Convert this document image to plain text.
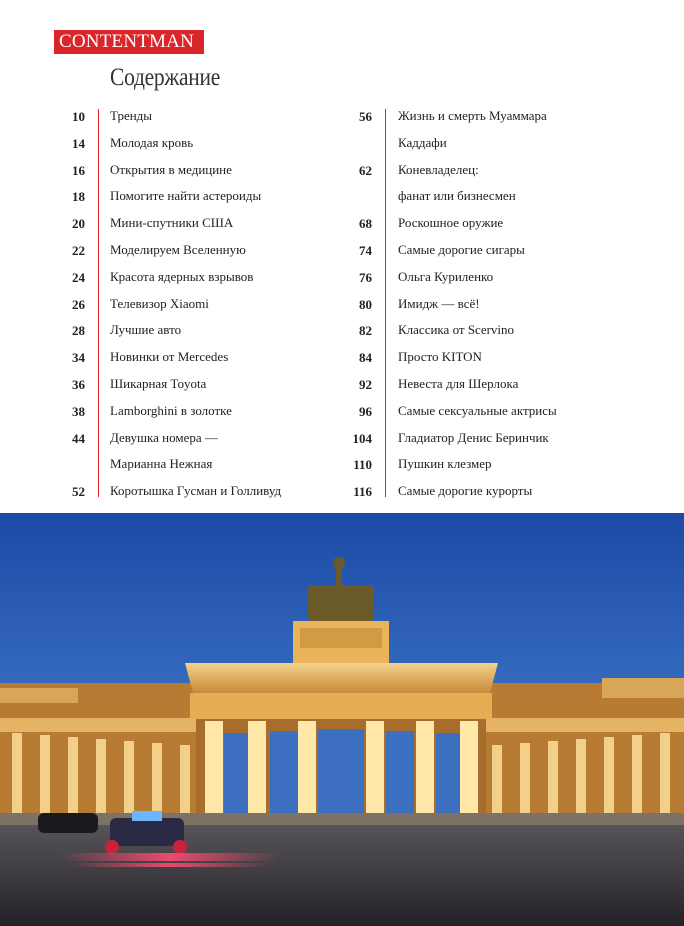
CONTENTMAN
Содержание
10 Тренды
14 Молодая кровь
16 Открытия в медицине
18 Помогите найти астероиды
20 Мини-спутники США
22 Моделируем Вселенную
24 Красота ядерных взрывов
26 Телевизор Xiaomi
28 Лучшие авто
34 Новинки от Mercedes
36 Шикарная Toyota
38 Lamborghini в золотке
44 Девушка номера —
Марианна Нежная
52 Коротышка Гусман и Голливуд
56 Жизнь и смерть Муаммара
Каддафи
62 Коневладелец:
фанат или бизнесмен
68 Роскошное оружие
74 Самые дорогие сигары
76 Ольга Куриленко
80 Имидж — всё!
82 Классика от Scervino
84 Просто KITON
92 Невеста для Шерлока
96 Самые сексуальные актрисы
104 Гладиатор Денис Беринчик
110 Пушкин клезмер
116 Самые дорогие курорты
